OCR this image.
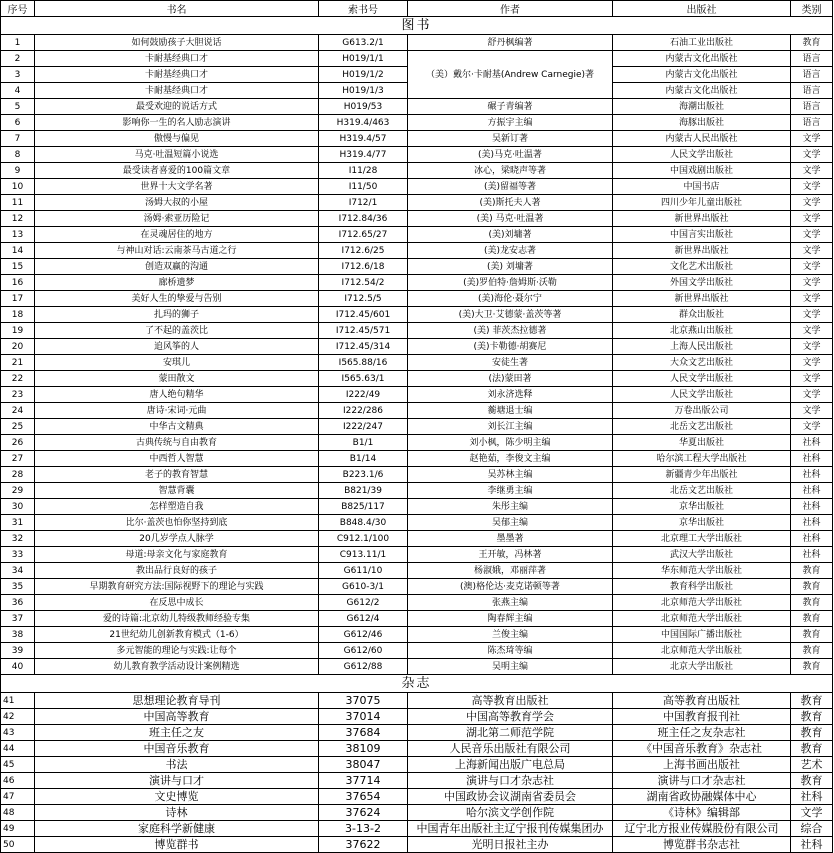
序号	书名	索书号	作者	出版社	类别
图书					
1	如何鼓励孩子大胆说话	G613.2/1	舒丹枫编著	石油工业出版社	教育
2	卡耐基经典口才	H019/1/1	（美）戴尔·卡耐基(Andrew Carnegie)著	内蒙古文化出版社	语言
3	卡耐基经典口才	H019/1/2		内蒙古文化出版社	语言
4	卡耐基经典口才	H019/1/3		内蒙古文化出版社	语言
5	最受欢迎的说话方式	H019/53	碾子青编著	海潮出版社	语言
6	影响你一生的名人励志演讲	H319.4/463	方振宇主编	海豚出版社	语言
7	傲慢与偏见	H319.4/57	吴新订著	内蒙古人民出版社	文学
8	马克·吐温短篇小说选	H319.4/77	(美)马克·吐温著	人民文学出版社	文学
9	最受读者喜爱的100篇文章	I11/28	冰心，梁晓声等著	中国戏剧出版社	文学
10	世界十大文学名著	I11/50	(美)留福等著	中国书店	文学
11	汤姆大叔的小屋	I712/1	(美)斯托夫人著	四川少年儿童出版社	文学
12	汤姆·索亚历险记	I712.84/36	(美) 马克·吐温著	新世界出版社	文学
13	在灵魂居住的地方	I712.65/27	(美)刘墉著	中国言实出版社	文学
14	与神山对话:云南茶马古道之行	I712.6/25	(美)龙安志著	新世界出版社	文学
15	创造双赢的沟通	I712.6/18	(美) 刘墉著	文化艺术出版社	文学
16	廊桥遗梦	I712.54/2	(美)罗伯特·詹姆斯·沃勒	外国文学出版社	文学
17	美好人生的挚爱与告别	I712.5/5	(美)海伦·聂尔宁	新世界出版社	文学
18	扎玛的狮子	I712.45/601	(美)大卫·艾德蒙·盖茨等著	群众出版社	文学
19	了不起的盖茨比	I712.45/571	(美) 菲茨杰拉德著	北京燕山出版社	文学
20	追风筝的人	I712.45/314	(美)卡勒德·胡赛尼	上海人民出版社	文学
21	安琪儿	I565.88/16	安徒生著	大众文艺出版社	文学
22	蒙田散文	I565.63/1	(法)蒙田著	人民文学出版社	文学
23	唐人绝句精华	I222/49	刘永济选释	人民文学出版社	文学
24	唐诗·宋词·元曲	I222/286	蘅塘退士编	万卷出版公司	文学
25	中华古文精典	I222/247	刘长江主编	北岳文艺出版社	文学
26	古典传统与自由教育	B1/1	刘小枫，陈少明主编	华夏出版社	社科
27	中西哲人智慧	B1/14	赵艳茹，李俊文主编	哈尔滨工程大学出版社	社科
28	老子的教育智慧	B223.1/6	吴苏林主编	新疆青少年出版社	社科
29	智慧背囊	B821/39	李继勇主编	北岳文艺出版社	社科
30	怎样塑造自我	B825/117	朱彤主编	京华出版社	社科
31	比尔·盖茨也怕你坚持到底	B848.4/30	吴郁主编	京华出版社	社科
32	20几岁学点人脉学	C912.1/100	墨墨著	北京理工大学出版社	社科
33	母道:母亲文化与家庭教育	C913.11/1	王开敏，冯林著	武汉大学出版社	社科
34	教出品行良好的孩子	G611/10	杨淑娥，邓丽萍著	华东师范大学出版社	教育
35	早期教育研究方法:国际视野下的理论与实践	G610-3/1	(澳)格伦达·麦克诺顿等著	教育科学出版社	教育
36	在反思中成长	G612/2	张燕主编	北京师范大学出版社	教育
37	爱的诗篇:北京幼儿特级教师经验专集	G612/4	陶春辉主编	北京师范大学出版社	教育
38	21世纪幼儿创新教育模式（1-6）	G612/46	兰俊主编	中国国际广播出版社	教育
39	多元智能的理论与实践:让每个	G612/60	陈杰琦等编	北京师范大学出版社	教育
40	幼儿教育教学活动设计案例精选	G612/88	吴明主编	北京大学出版社	教育
杂志					
41	思想理论教育导刊	37075	高等教育出版社	高等教育出版社	教育
42	中国高等教育	37014	中国高等教育学会	中国教育报刊社	教育
43	班主任之友	37684	湖北第二师范学院	班主任之友杂志社	教育
44	中国音乐教育	38109	人民音乐出版社有限公司	《中国音乐教育》杂志社	教育
45	书法	38047	上海新闻出版广电总局	上海书画出版社	艺术
46	演讲与口才	37714	演讲与口才杂志社	演讲与口才杂志社	教育
47	文史博览	37654	中国政协会议湖南省委员会	湖南省政协融媒体中心	社科
48	诗林	37624	哈尔滨文学创作院	《诗林》编辑部	文学
49	家庭科学新健康	3-13-2	中国青年出版社主辽宁报刊传媒集团办	辽宁北方报业传媒股份有限公司	综合
50	博览群书	37622	光明日报社主办	博览群书杂志社	社科
